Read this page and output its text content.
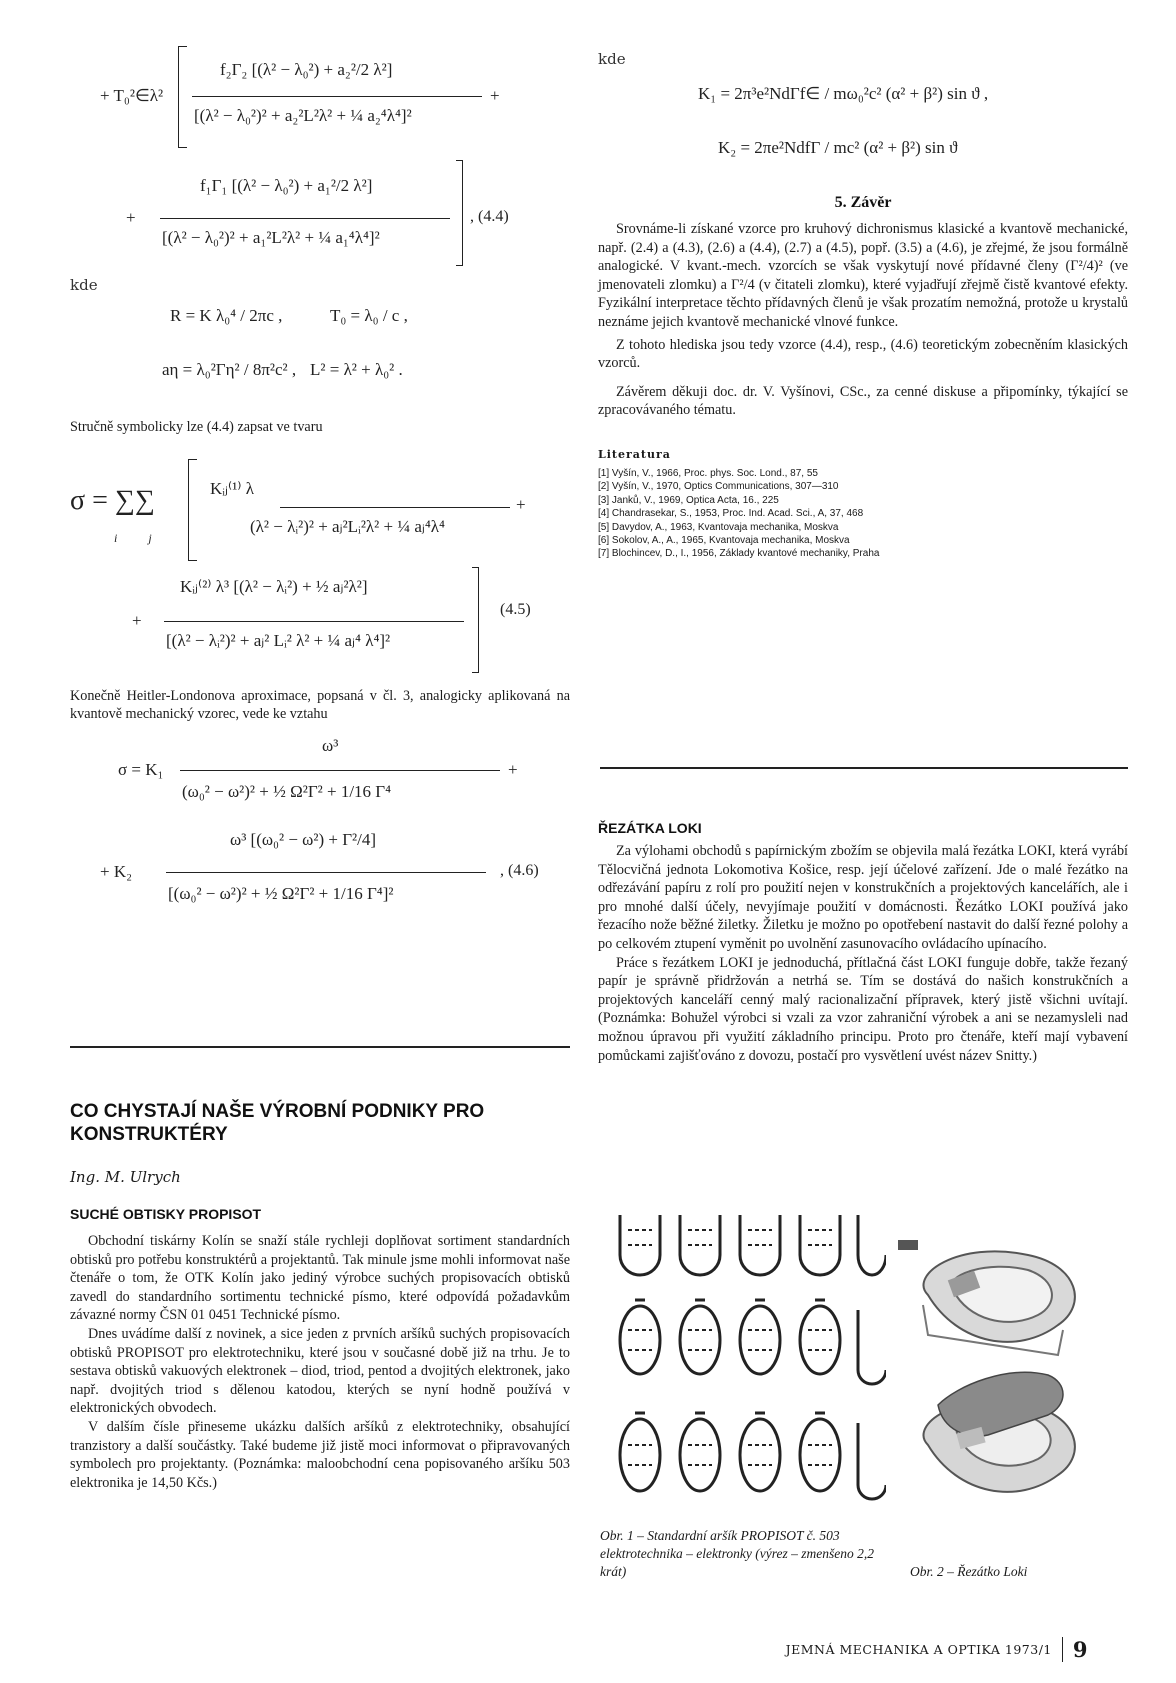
+ T₀²∈λ²
f₂Γ₂ [(λ² − λ₀²) + a₂²/2 λ²]
[(λ² − λ₀²)² + a₂²L²λ² + ¼ a₂⁴λ⁴]²
+
+
f₁Γ₁ [(λ² − λ₀²) + a₁²/2 λ²]
[(λ² − λ₀²)² + a₁²L²λ² + ¼ a₁⁴λ⁴]²
, (4.4)
kde
R = K λ₀⁴ / 2πc ,	T₀ = λ₀ / c ,
aη = λ₀²Γη² / 8π²c² , L² = λ² + λ₀² .

Stručně symbolicky lze (4.4) zapsat ve tvaru

σ = ∑∑
i j
Kᵢⱼ⁽¹⁾ λ
(λ² − λᵢ²)² + aⱼ²Lᵢ²λ² + ¼ aⱼ⁴λ⁴
+
+
Kᵢⱼ⁽²⁾ λ³ [(λ² − λᵢ²) + ½ aⱼ²λ²]
[(λ² − λᵢ²)² + aⱼ² Lᵢ² λ² + ¼ aⱼ⁴ λ⁴]²
(4.5)

Konečně Heitler-Londonova aproximace, popsaná v čl. 3, analogicky aplikovaná na kvantově mechanický vzorec, vede ke vztahu

σ = K₁
ω³
(ω₀² − ω²)² + ½ Ω²Γ² + 1/16 Γ⁴
+
+ K₂
ω³ [(ω₀² − ω²) + Γ²/4]
[(ω₀² − ω²)² + ½ Ω²Γ² + 1/16 Γ⁴]²
, (4.6)
CO CHYSTAJÍ NAŠE VÝROBNÍ PODNIKY PRO KONSTRUKTÉRY

Ing. M. Ulrych

SUCHÉ OBTISKY PROPISOT

Obchodní tiskárny Kolín se snaží stále rychleji doplňovat sortiment standardních obtisků pro potřebu konstruktérů a projektantů. Tak minule jsme mohli informovat naše čtenáře o tom, že OTK Kolín jako jediný výrobce suchých propisovacích obtisků zavedl do standardního sortimentu technické písmo, které odpovídá požadavkům závazné normy ČSN 01 0451 Technické písmo.

Dnes uvádíme další z novinek, a sice jeden z prvních aršíků suchých propisovacích obtisků PROPISOT pro elektrotechniku, které jsou v současné době již na trhu. Je to sestava obtisků vakuových elektronek – diod, triod, pentod a dvojitých elektronek, jako např. dvojitých triod s dělenou katodou, kterých se nyní hodně používá v elektronických obvodech.

V dalším čísle přineseme ukázku dalších aršíků z elektrotechniky, obsahující tranzistory a další součástky. Také budeme již jistě moci informovat o připravovaných symbolech pro projektanty. (Poznámka: maloobchodní cena popisovaného aršíku 503 elektronika je 14,50 Kčs.)

kde
K₁ = 2π³e²NdΓf∈ / mω₀²c² (α² + β²) sin ϑ ,
K₂ = 2πe²NdfΓ / mc² (α² + β²) sin ϑ
5. Závěr

Srovnáme-li získané vzorce pro kruhový dichronismus klasické a kvantově mechanické, např. (2.4) a (4.3), (2.6) a (4.4), (2.7) a (4.5), popř. (3.5) a (4.6), je zřejmé, že jsou formálně analogické. V kvant.-mech. vzorcích se však vyskytují nové přídavné členy (Γ²/4)² (ve jmenovateli zlomku) a Γ²/4 (v čitateli zlomku), které vyjadřují zřejmě čistě kvantové efekty. Fyzikální interpretace těchto přídavných členů je však prozatím nemožná, protože u krystalů neznáme jejich kvantově mechanické vlnové funkce.

Z tohoto hlediska jsou tedy vzorce (4.4), resp., (4.6) teoretickým zobecněním klasických vzorců.

Závěrem děkuji doc. dr. V. Vyšínovi, CSc., za cenné diskuse a připomínky, týkající se zpracovávaného tématu.

Literatura

[1] Vyšín, V., 1966, Proc. phys. Soc. Lond., 87, 55
[2] Vyšín, V., 1970, Optics Communications, 307—310
[3] Janků, V., 1969, Optica Acta, 16., 225
[4] Chandrasekar, S., 1953, Proc. Ind. Acad. Sci., A, 37, 468
[5] Davydov, A., 1963, Kvantovaja mechanika, Moskva
[6] Sokolov, A., A., 1965, Kvantovaja mechanika, Moskva
[7] Blochincev, D., I., 1956, Základy kvantové mechaniky, Praha
ŘEZÁTKA LOKI

Za výlohami obchodů s papírnickým zbožím se objevila malá řezátka LOKI, která vyrábí Tělocvičná jednota Lokomotiva Košice, resp. její účelové zařízení. Jde o malé řezátko na odřezávání papíru z rolí pro použití nejen v konstrukčních a projektových kancelářích, ale i pro mnohé další účely, nevyjímaje použití v domácnosti. Řezátko LOKI používá jako řezacího nože běžné žiletky. Žiletku je možno po opotřebení nastavit do další řezné polohy a po celkovém ztupení vyměnit po uvolnění zasunovacího ovládacího upínacího.

Práce s řezátkem LOKI je jednoduchá, přítlačná část LOKI funguje dobře, takže řezaný papír je správně přidržován a netrhá se. Tím se dostává do našich konstrukčních a projektových kanceláří cenný malý racionalizační přípravek, který jistě všichni uvítají. (Poznámka: Bohužel výrobci si vzali za vzor zahraniční výrobek a ani se nezamysleli nad možnou úpravou při využití základního principu. Proto pro čtenáře, kteří mají vybavení pomůckami zajišťováno z dovozu, postačí pro vysvětlení uvést název Snitty.)

Obr. 1 – Standardní aršík PROPISOT č. 503 elektrotechnika – elektronky (výrez – zmenšeno 2,2 krát)	Obr. 2 – Řezátko Loki
JEMNÁ MECHANIKA A OPTIKA 1973/1	9
